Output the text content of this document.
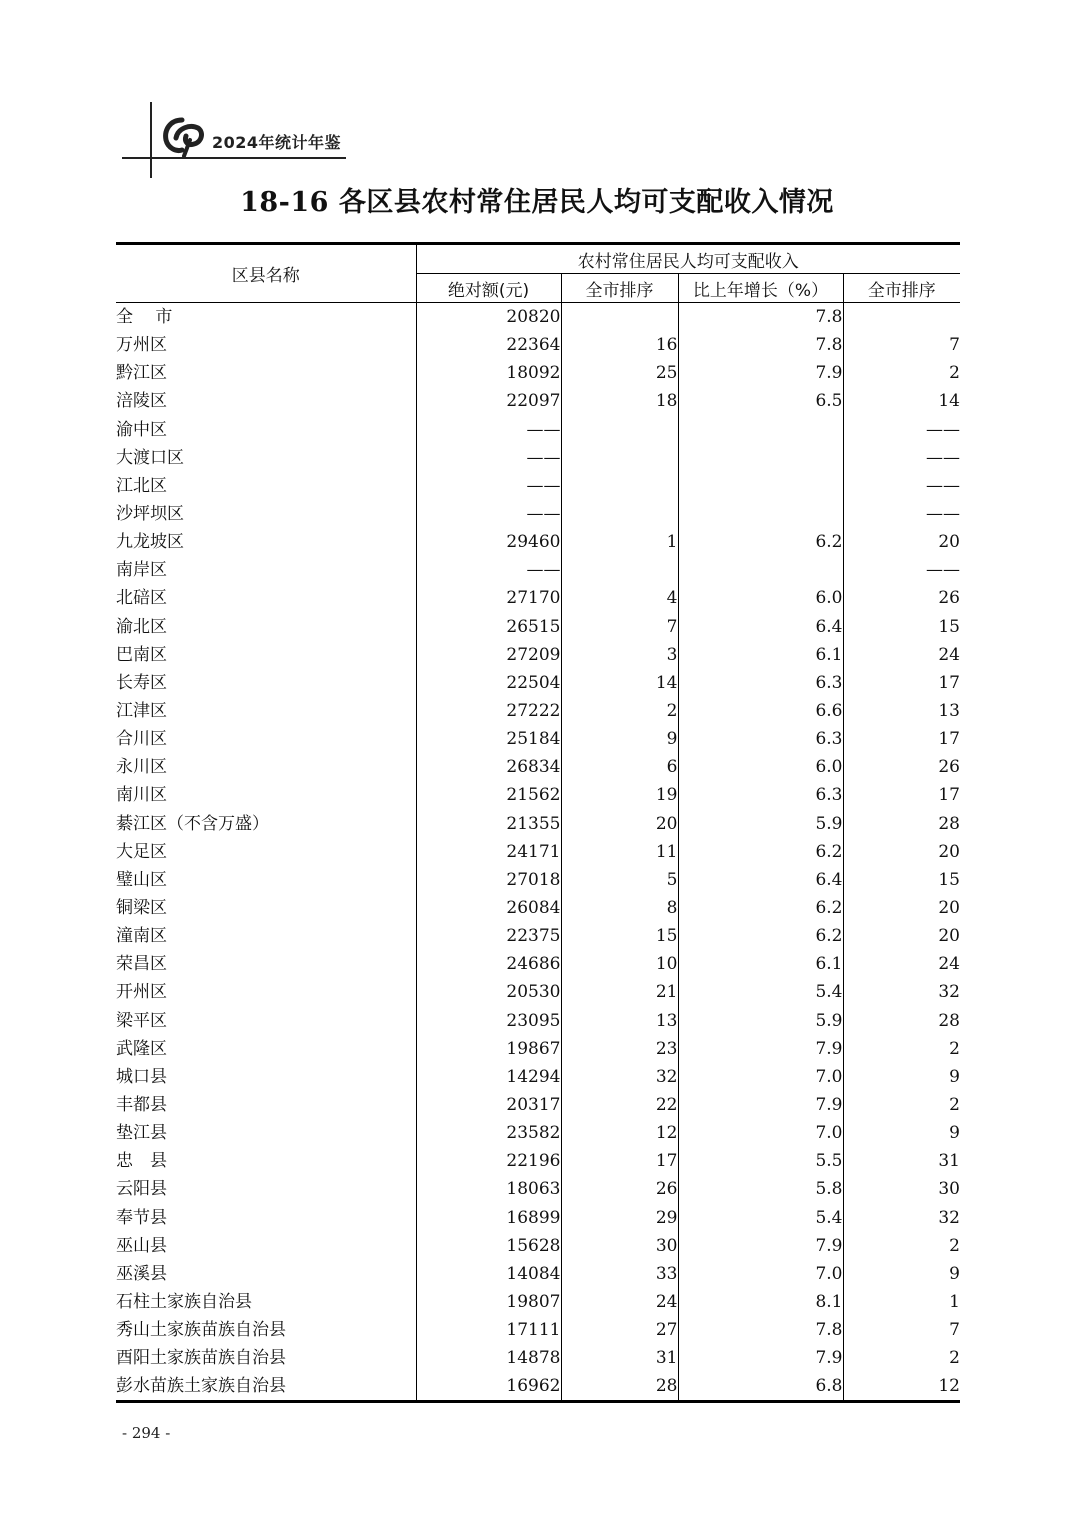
2024年统计年鉴
18-16 各区县农村常住居民人均可支配收入情况
区县名称	农村常住居民人均可支配收入			
	绝对额(元)	全市排序	比上年增长（%）	全市排序
全　 市	20820		7.8	
万州区	22364	16	7.8	7
黔江区	18092	25	7.9	2
涪陵区	22097	18	6.5	14
渝中区	——			——
大渡口区	——			——
江北区	——			——
沙坪坝区	——			——
九龙坡区	29460	1	6.2	20
南岸区	——			——
北碚区	27170	4	6.0	26
渝北区	26515	7	6.4	15
巴南区	27209	3	6.1	24
长寿区	22504	14	6.3	17
江津区	27222	2	6.6	13
合川区	25184	9	6.3	17
永川区	26834	6	6.0	26
南川区	21562	19	6.3	17
綦江区（不含万盛）	21355	20	5.9	28
大足区	24171	11	6.2	20
璧山区	27018	5	6.4	15
铜梁区	26084	8	6.2	20
潼南区	22375	15	6.2	20
荣昌区	24686	10	6.1	24
开州区	20530	21	5.4	32
梁平区	23095	13	5.9	28
武隆区	19867	23	7.9	2
城口县	14294	32	7.0	9
丰都县	20317	22	7.9	2
垫江县	23582	12	7.0	9
忠　县	22196	17	5.5	31
云阳县	18063	26	5.8	30
奉节县	16899	29	5.4	32
巫山县	15628	30	7.9	2
巫溪县	14084	33	7.0	9
石柱土家族自治县	19807	24	8.1	1
秀山土家族苗族自治县	17111	27	7.8	7
酉阳土家族苗族自治县	14878	31	7.9	2
彭水苗族土家族自治县	16962	28	6.8	12
- 294 -
